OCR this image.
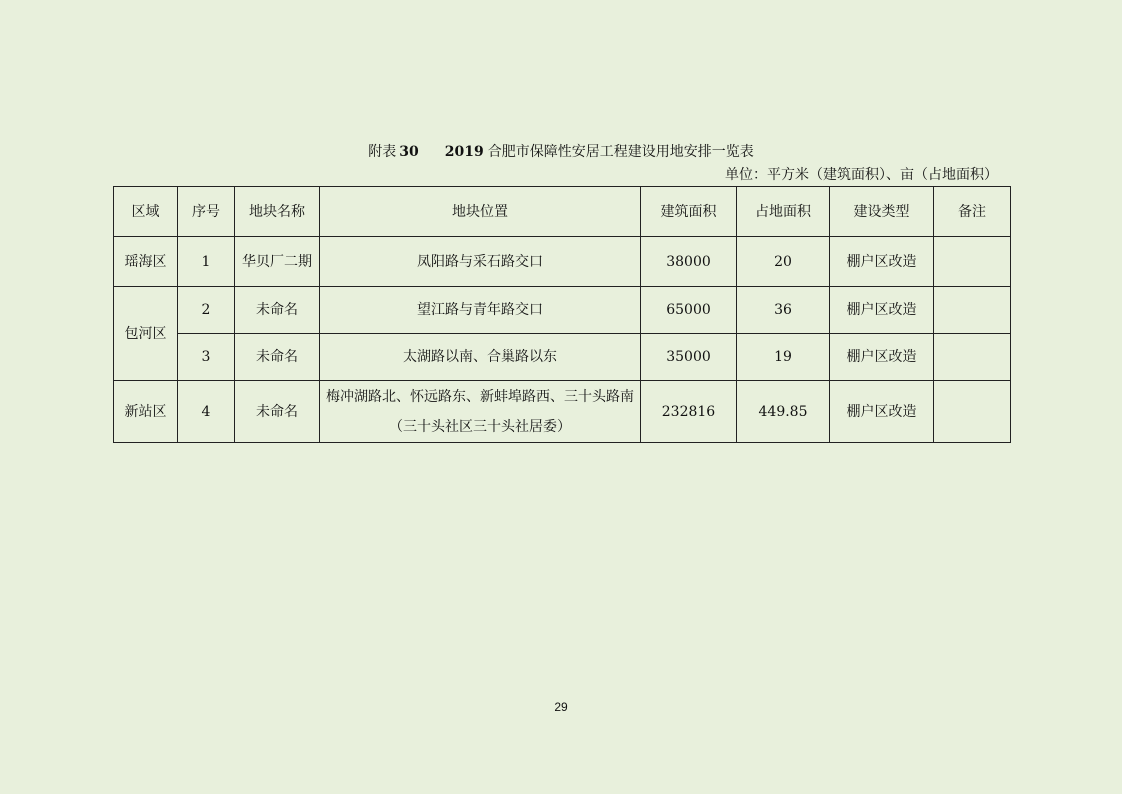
附表 30 2019 合肥市保障性安居工程建设用地安排一览表
单位：平方米（建筑面积）、亩（占地面积）
区域	序号	地块名称	地块位置	建筑面积	占地面积	建设类型	备注
瑶海区	1	华贝厂二期	凤阳路与采石路交口	38000	20	棚户区改造	
包河区	2	未命名	望江路与青年路交口	65000	36	棚户区改造	
	3	未命名	太湖路以南、合巢路以东	35000	19	棚户区改造	
新站区	4	未命名	梅冲湖路北、怀远路东、新蚌埠路西、三十头路南
（三十头社区三十头社居委）	232816	449.85	棚户区改造	
29
